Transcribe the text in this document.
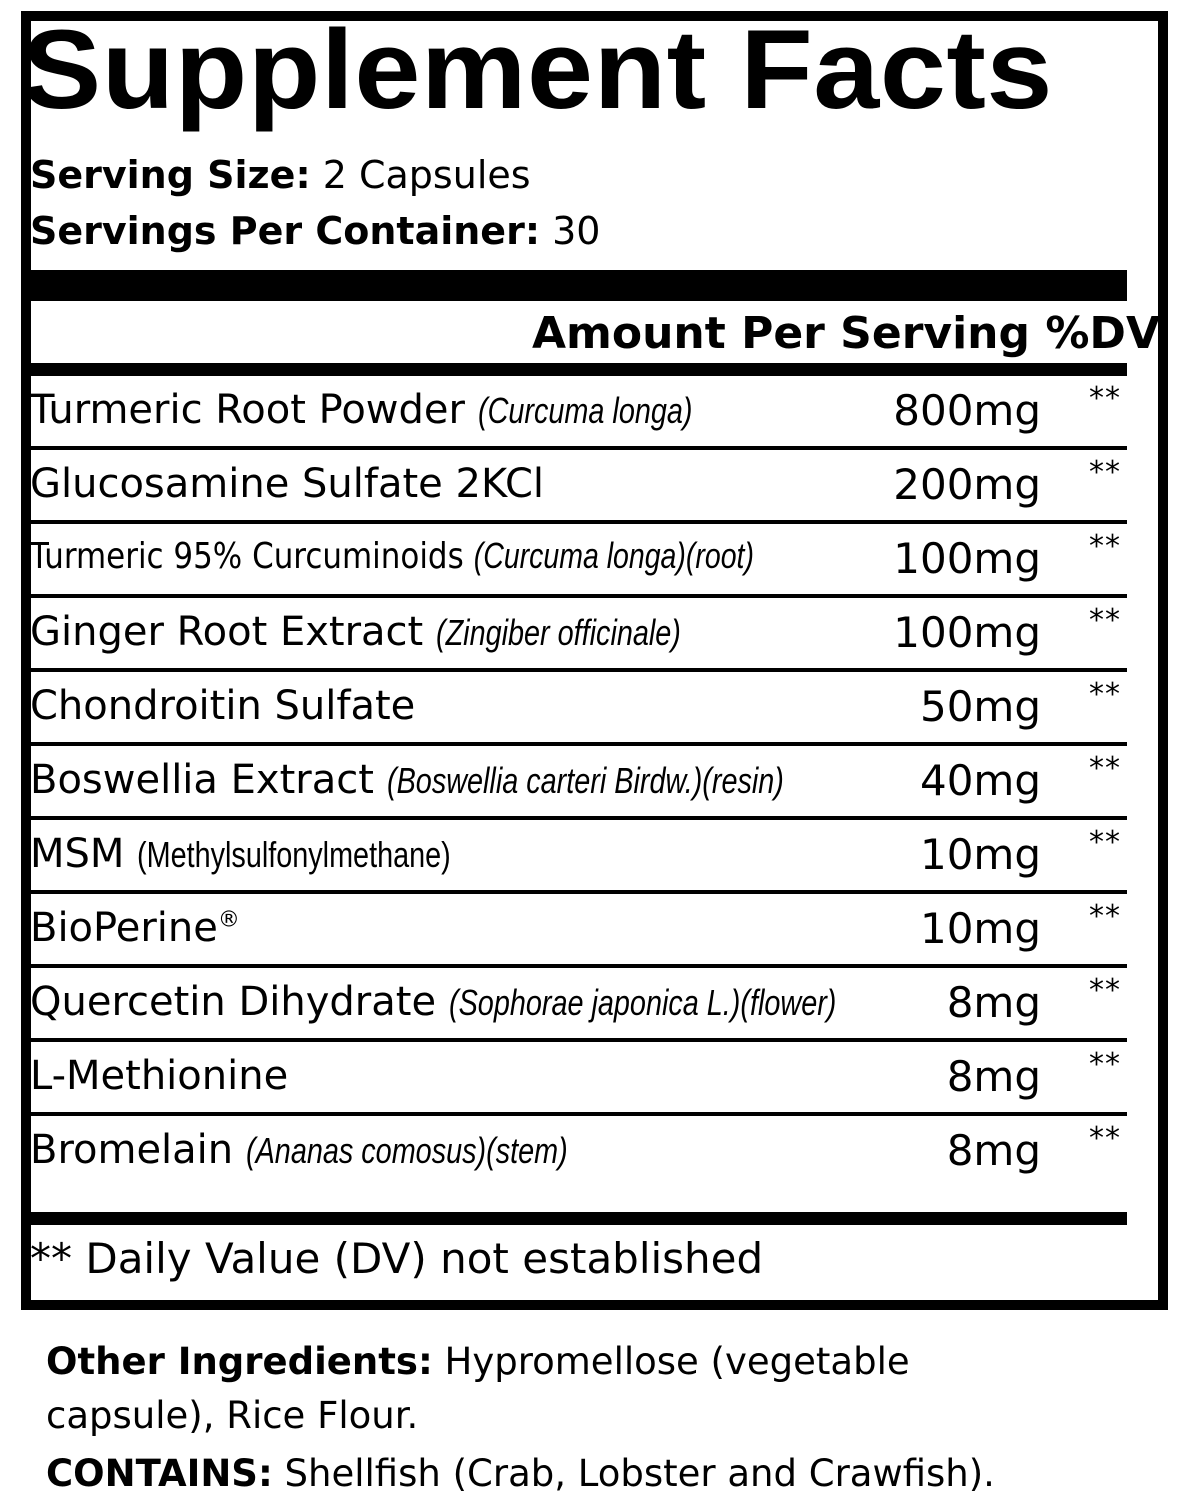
Supplement Facts
Serving Size: 2 Capsules
Servings Per Container: 30
Amount Per Serving %DV
Turmeric Root Powder (Curcuma longa)	800mg **
Glucosamine Sulfate 2KCl	200mg **
Turmeric 95% Curcuminoids (Curcuma longa)(root)	100mg **
Ginger Root Extract (Zingiber officinale)	100mg **
Chondroitin Sulfate	50mg **
Boswellia Extract (Boswellia carteri Birdw.)(resin)	40mg **
MSM (Methylsulfonylmethane)	10mg **
BioPerine®	10mg **
Quercetin Dihydrate (Sophorae japonica L.)(flower)	8mg **
L-Methionine	8mg **
Bromelain (Ananas comosus)(stem)	8mg **
** Daily Value (DV) not established
Other Ingredients: Hypromellose (vegetable
capsule), Rice Flour.
CONTAINS: Shellfish (Crab, Lobster and Crawfish).
